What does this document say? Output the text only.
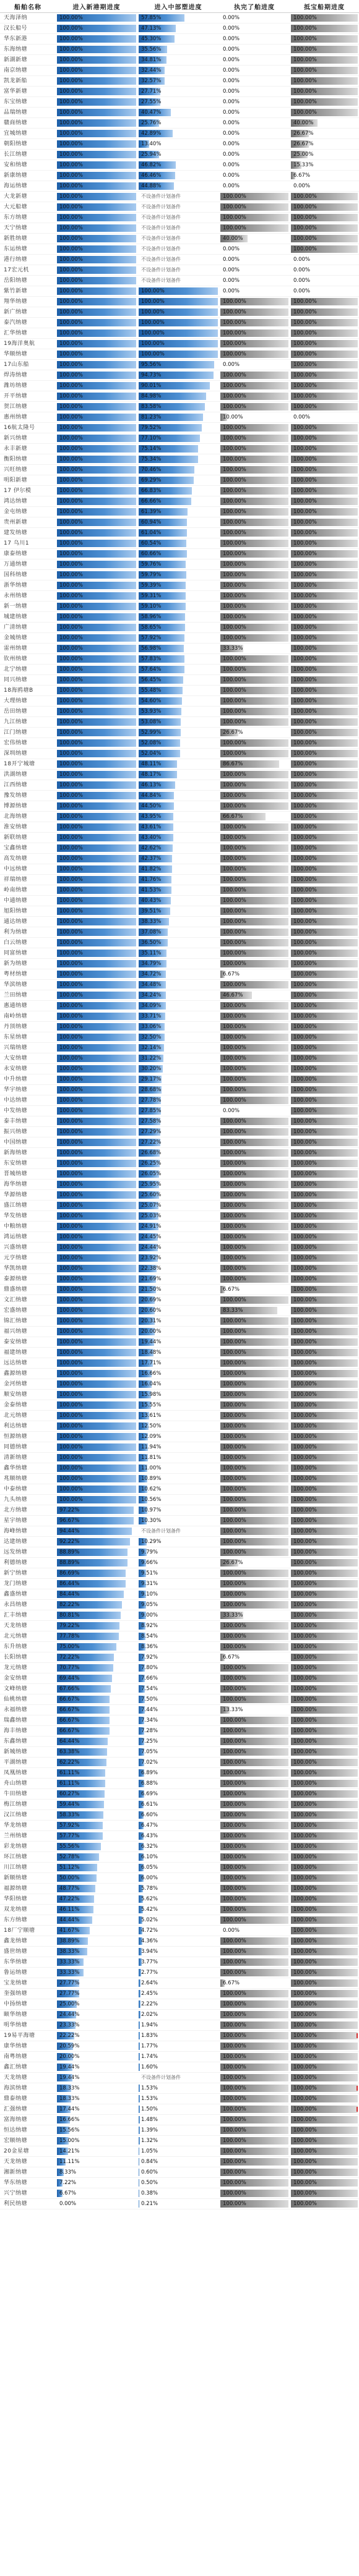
船舶名称	进入新港期进度	进入中部塑进度	执完了舶进度	抵宝船期进度
天海泽纳	100.00%	57.85%	0.00%	100.00%

汉长船号	100.00%	47.13%	0.00%	100.00%

华东新港	100.00%	45.30%	0.00%	100.00%

东海纳塘	100.00%	35.56%	0.00%	100.00%

新湖新塘	100.00%	34.81%	0.00%	100.00%

南京纳塘	100.00%	32.44%	0.00%	100.00%

凯龙新船	100.00%	32.57%	0.00%	100.00%

富华新塘	100.00%	27.71%	0.00%	100.00%

东宝纳塘	100.00%	27.55%	0.00%	100.00%

品瑞纳塘	100.00%	40.47%	0.00%	100.00%

赣商纳塘	100.00%	25.76%	0.00%	40.00%

宜城纳塘	100.00%	42.89%	0.00%	26.67%

朝阳纳塘	100.00%	13.40%	0.00%	26.67%

长江纳塘	100.00%	25.94%	0.00%	25.00%

安和纳塘	100.00%	46.82%	0.00%	15.33%

新康纳塘	100.00%	46.46%	0.00%	6.67%

海运纳塘	100.00%	44.88%	0.00%	0.00%

大龙新塘	100.00%	不设备件计划备件	100.00%	100.00%

大元船塘	100.00%	不设备件计划备件	100.00%	100.00%

东方纳塘	100.00%	不设备件计划备件	100.00%	100.00%

天宁纳塘	100.00%	不设备件计划备件	100.00%	100.00%

新胜纳塘	100.00%	不设备件计划备件	40.00%	100.00%

东运纳塘	100.00%	不设备件计划备件	0.00%	100.00%

港行纳塘	100.00%	不设备件计划备件	0.00%	0.00%

17宏元机	100.00%	不设备件计划备件	0.00%	0.00%

岳阳纳塘	100.00%	不设备件计划备件	0.00%	0.00%

紫竹新塘	100.00%	100.00%	0.00%	0.00%

翔华纳塘	100.00%	100.00%	100.00%	100.00%

新广纳塘	100.00%	100.00%	100.00%	100.00%

泰汽纳塘	100.00%	100.00%	100.00%	100.00%

汇华纳塘	100.00%	100.00%	100.00%	100.00%

19海洋奥航	100.00%	100.00%	100.00%	100.00%

华顺纳塘	100.00%	100.00%	100.00%	100.00%

17山东船	100.00%	95.56%	0.00%	100.00%

焊涛纳塘	100.00%	94.73%	100.00%	100.00%

潍坊纳塘	100.00%	90.01%	100.00%	100.00%

开平纳塘	100.00%	84.98%	100.00%	100.00%

贺江纳塘	100.00%	83.58%	100.00%	100.00%

惠州纳塘	100.00%	81.23%	10.00%	0.00%

16航太隆号	100.00%	79.52%	100.00%	100.00%

新兴纳塘	100.00%	77.10%	100.00%	100.00%

永丰新塘	100.00%	75.14%	100.00%	100.00%

衡阳纳塘	100.00%	75.34%	100.00%	100.00%

兴旺纳塘	100.00%	70.46%	100.00%	100.00%

明阳新塘	100.00%	69.29%	100.00%	100.00%

17 伊尔模	100.00%	66.83%	100.00%	100.00%

鸿达纳塘	100.00%	66.66%	100.00%	100.00%

金屯纳塘	100.00%	61.39%	100.00%	100.00%

贵州新塘	100.00%	60.94%	100.00%	100.00%

建发纳塘	100.00%	61.04%	100.00%	100.00%

17 乌川1	100.00%	60.54%	100.00%	100.00%

康泰纳塘	100.00%	60.66%	100.00%	100.00%

万通纳塘	100.00%	59.76%	100.00%	100.00%

国科纳塘	100.00%	59.79%	100.00%	100.00%

浙华纳塘	100.00%	59.39%	100.00%	100.00%

永州纳塘	100.00%	59.31%	100.00%	100.00%

新一纳塘	100.00%	59.10%	100.00%	100.00%

城建纳塘	100.00%	58.96%	100.00%	100.00%

广清纳塘	100.00%	58.65%	100.00%	100.00%

金城纳塘	100.00%	57.92%	100.00%	100.00%

雷州纳塘	100.00%	56.98%	33.33%	100.00%

钦州纳塘	100.00%	57.83%	100.00%	100.00%

北宁纳塘	100.00%	57.64%	100.00%	100.00%

同兴纳塘	100.00%	56.45%	100.00%	100.00%

18海鸥塘B	100.00%	55.48%	100.00%	100.00%

大理纳塘	100.00%	54.60%	100.00%	100.00%

岳田纳塘	100.00%	53.93%	100.00%	100.00%

九江纳塘	100.00%	53.08%	100.00%	100.00%

江门纳塘	100.00%	52.99%	26.67%	100.00%

宏伟纳塘	100.00%	52.08%	100.00%	100.00%

深圳纳塘	100.00%	52.04%	100.00%	100.00%

18开宁城塘	100.00%	48.11%	86.67%	100.00%

洪湖纳塘	100.00%	48.17%	100.00%	100.00%

江西纳塘	100.00%	46.13%	100.00%	100.00%

豫发纳塘	100.00%	44.84%	100.00%	100.00%

博源纳塘	100.00%	44.50%	100.00%	100.00%

北海纳塘	100.00%	43.95%	66.67%	100.00%

淮安纳塘	100.00%	43.61%	100.00%	100.00%

新联纳塘	100.00%	43.40%	100.00%	100.00%

宝鑫纳塘	100.00%	42.62%	100.00%	100.00%

高发纳塘	100.00%	42.37%	100.00%	100.00%

中远纳塘	100.00%	41.82%	100.00%	100.00%

祥瑞纳塘	100.00%	41.76%	100.00%	100.00%

岭南纳塘	100.00%	41.53%	100.00%	100.00%

中通纳塘	100.00%	40.43%	100.00%	100.00%

旭阳纳塘	100.00%	39.51%	100.00%	100.00%

通达纳塘	100.00%	38.33%	100.00%	100.00%

利为纳塘	100.00%	37.08%	100.00%	100.00%

白云纳塘	100.00%	36.50%	100.00%	100.00%

同富纳塘	100.00%	35.11%	100.00%	100.00%

新为纳塘	100.00%	34.79%	100.00%	100.00%

粤材纳塘	100.00%	34.72%	6.67%	100.00%

华滨纳塘	100.00%	34.48%	100.00%	100.00%

兰田纳塘	100.00%	34.24%	46.67%	100.00%

惠通纳塘	100.00%	34.09%	100.00%	100.00%

南岭纳塘	100.00%	33.71%	100.00%	100.00%

丹顶纳塘	100.00%	33.06%	100.00%	100.00%

东星纳塘	100.00%	32.50%	100.00%	100.00%

兴瑞纳塘	100.00%	32.14%	100.00%	100.00%

大安纳塘	100.00%	31.22%	100.00%	100.00%

永安纳塘	100.00%	30.20%	100.00%	100.00%

中升纳塘	100.00%	29.17%	100.00%	100.00%

华宇纳塘	100.00%	28.68%	100.00%	100.00%

中达纳塘	100.00%	27.78%	100.00%	100.00%

中发纳塘	100.00%	27.85%	0.00%	100.00%

泰丰纳塘	100.00%	27.58%	100.00%	100.00%

振兴纳塘	100.00%	27.29%	100.00%	100.00%

中国纳塘	100.00%	27.22%	100.00%	100.00%

新海纳塘	100.00%	26.68%	100.00%	100.00%

东安纳塘	100.00%	26.25%	100.00%	100.00%

晋城纳塘	100.00%	26.05%	100.00%	100.00%

海华纳塘	100.00%	25.95%	100.00%	100.00%

华源纳塘	100.00%	25.60%	100.00%	100.00%

盛江纳塘	100.00%	25.07%	100.00%	100.00%

华发纳塘	100.00%	25.03%	100.00%	100.00%

中粮纳塘	100.00%	24.91%	100.00%	100.00%

鸿运纳塘	100.00%	24.45%	100.00%	100.00%

兴盛纳塘	100.00%	24.44%	100.00%	100.00%

元亨纳塘	100.00%	23.92%	100.00%	100.00%

华凯纳塘	100.00%	22.38%	100.00%	100.00%

泰源纳塘	100.00%	21.69%	100.00%	100.00%

鼎盛纳塘	100.00%	21.50%	6.67%	100.00%

文汇纳塘	100.00%	20.69%	100.00%	100.00%

宏盛纳塘	100.00%	20.60%	83.33%	100.00%

锦汇纳塘	100.00%	20.31%	100.00%	100.00%

福兴纳塘	100.00%	20.00%	100.00%	100.00%

泰安纳塘	100.00%	19.44%	100.00%	100.00%

福建纳塘	100.00%	18.48%	100.00%	100.00%

远达纳塘	100.00%	17.71%	100.00%	100.00%

鑫源纳塘	100.00%	16.66%	100.00%	100.00%

金河纳塘	100.00%	16.04%	100.00%	100.00%

顺安纳塘	100.00%	15.98%	100.00%	100.00%

金泰纳塘	100.00%	15.55%	100.00%	100.00%

北元纳塘	100.00%	13.61%	100.00%	100.00%

利达纳塘	100.00%	12.50%	100.00%	100.00%

恒源纳塘	100.00%	12.09%	100.00%	100.00%

同德纳塘	100.00%	11.94%	100.00%	100.00%

清新纳塘	100.00%	11.81%	100.00%	100.00%

鑫华纳塘	100.00%	11.00%	100.00%	100.00%

兆顺纳塘	100.00%	10.89%	100.00%	100.00%

中泰纳塘	100.00%	10.62%	100.00%	100.00%

九头纳塘	100.00%	10.56%	100.00%	100.00%

北方纳塘	97.22%	10.97%	100.00%	100.00%

星宇纳塘	96.67%	10.30%	100.00%	100.00%

海峰纳塘	94.44%	不设备件计划备件	100.00%	100.00%

达建纳塘	92.22%	10.29%	100.00%	100.00%

远发纳塘	88.89%	9.79%	100.00%	100.00%

利德纳塘	88.89%	9.66%	26.67%	100.00%

新宁纳塘	86.69%	9.51%	100.00%	100.00%

龙门纳塘	86.44%	9.31%	100.00%	100.00%

鑫盛纳塘	84.44%	9.10%	100.00%	100.00%

永昌纳塘	82.22%	9.05%	100.00%	100.00%

汇丰纳塘	80.81%	9.00%	33.33%	100.00%

天龙纳塘	79.22%	8.92%	100.00%	100.00%

北元纳塘	77.78%	8.54%	100.00%	100.00%

东升纳塘	75.00%	8.36%	100.00%	100.00%

长阳纳塘	72.22%	7.92%	6.67%	100.00%

龙元纳塘	70.77%	7.80%	100.00%	100.00%

金安纳塘	69.44%	7.66%	100.00%	100.00%

文峰纳塘	67.66%	7.54%	100.00%	100.00%

仙桃纳塘	66.67%	7.50%	100.00%	100.00%

永福纳塘	66.67%	7.44%	13.33%	100.00%

瑞鑫纳塘	66.67%	7.34%	100.00%	100.00%

海丰纳塘	66.67%	7.28%	100.00%	100.00%

东鑫纳塘	64.44%	7.25%	100.00%	100.00%

新城纳塘	63.38%	7.05%	100.00%	100.00%

平湖纳塘	62.22%	7.02%	100.00%	100.00%

凤凰纳塘	61.11%	6.89%	100.00%	100.00%

舟山纳塘	61.11%	6.88%	100.00%	100.00%

牛田纳塘	60.27%	6.69%	100.00%	100.00%

梅江纳塘	59.44%	6.61%	100.00%	100.00%

汉江纳塘	58.33%	6.60%	100.00%	100.00%

华龙纳塘	57.92%	6.47%	100.00%	100.00%

兰州纳塘	57.77%	6.43%	100.00%	100.00%

彩龙纳塘	55.56%	6.32%	100.00%	100.00%

环江纳塘	52.78%	6.10%	100.00%	100.00%

川江纳塘	51.12%	6.05%	100.00%	100.00%

新顺纳塘	50.00%	6.00%	100.00%	100.00%

福源纳塘	48.77%	5.78%	100.00%	100.00%

华阳纳塘	47.22%	5.62%	100.00%	100.00%

双龙纳塘	46.11%	5.42%	100.00%	100.00%

东方纳塘	44.44%	5.02%	100.00%	100.00%

18厂宁顺塘	41.67%	4.72%	0.00%	100.00%

鑫龙纳塘	38.89%	4.36%	100.00%	100.00%

盛世纳塘	38.33%	3.94%	100.00%	100.00%

东华纳塘	33.33%	3.77%	100.00%	100.00%

鲁运纳塘	33.33%	2.77%	100.00%	100.00%

宝龙纳塘	27.77%	2.64%	6.67%	100.00%

奎强纳塘	27.77%	2.45%	100.00%	100.00%

中扬纳塘	25.00%	2.22%	100.00%	100.00%

颐华纳塘	24.44%	2.02%	100.00%	100.00%

明华纳塘	23.33%	1.94%	100.00%	100.00%

19易平海塘	22.22%	1.83%	100.00%	100.00%

康华纳塘	20.59%	1.77%	100.00%	100.00%

南粤纳塘	20.00%	1.74%	100.00%	100.00%

鑫汇纳塘	19.44%	1.60%	100.00%	100.00%

天龙纳塘	19.44%	不设备件计划备件	100.00%	100.00%

海滨纳塘	18.33%	1.53%	100.00%	100.00%

鼎泰纳塘	18.33%	1.53%	100.00%	100.00%

汇强纳塘	17.44%	1.50%	100.00%	100.00%

富海纳塘	16.66%	1.48%	100.00%	100.00%

恒达纳塘	15.56%	1.39%	100.00%	100.00%

宏顺纳塘	15.00%	1.32%	100.00%	100.00%

20金星塘	14.21%	1.05%	100.00%	100.00%

天龙纳塘	11.11%	0.84%	100.00%	100.00%

湘新纳塘	8.33%	0.60%	100.00%	100.00%

华东纳塘	7.22%	0.50%	100.00%	100.00%

兴宁纳塘	6.67%	0.38%	100.00%	100.00%

利民纳塘	0.00%	0.21%	100.00%	100.00%
